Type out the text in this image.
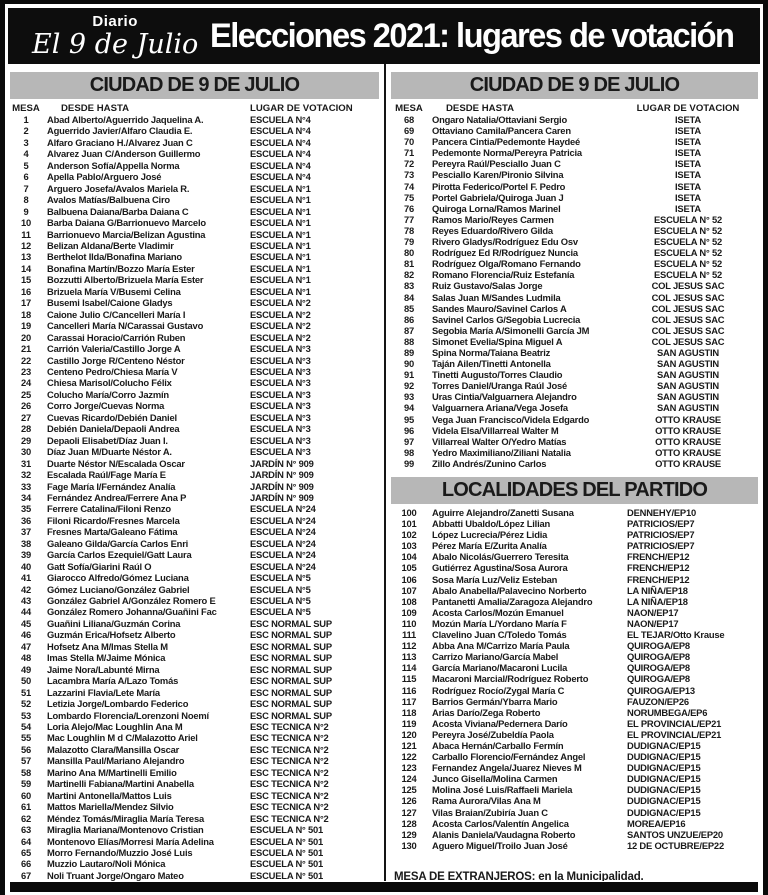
Diario
El 9 de Julio Elecciones 2021: lugares de votación
CIUDAD DE 9 DE JULIO
MESA	DESDE HASTA	LUGAR DE VOTACION
1	Abad Alberto/Aguerrido Jaquelina A.	ESCUELA N°4
2	Aguerrido Javier/Alfaro Claudia E.	ESCUELA N°4
3	Alfaro Graciano H./Alvarez Juan C	ESCUELA N°4
4	Alvarez Juan C/Anderson Guillermo	ESCUELA N°4
5	Anderson Sofía/Appella Norma	ESCUELA N°4
6	Apella Pablo/Arguero José	ESCUELA N°4
7	Arguero Josefa/Avalos Mariela R.	ESCUELA N°1
8	Avalos Matías/Balbuena Ciro	ESCUELA N°1
9	Balbuena Daiana/Barba Daiana C	ESCUELA N°1
10	Barba Daiana G/Barrionuevo Marcelo	ESCUELA N°1
11	Barrionuevo Marcia/Belizan Agustina	ESCUELA N°1
12	Belizan Aldana/Berte Vladimir	ESCUELA N°1
13	Berthelot Ilda/Bonafina Mariano	ESCUELA N°1
14	Bonafina Martín/Bozzo María Ester	ESCUELA N°1
15	Bozzutti Alberto/Brizuela María Ester	ESCUELA N°1
16	Brizuela María V/Busemi Celina	ESCUELA N°1
17	Busemi Isabel/Caione Gladys	ESCUELA N°2
18	Caione Julio C/Cancelleri María I	ESCUELA N°2
19	Cancelleri María N/Carassai Gustavo	ESCUELA N°2
20	Carassai Horacio/Carrión Ruben	ESCUELA N°2
21	Carrión Valeria/Castillo Jorge A	ESCUELA N°3
22	Castillo Jorge R/Centeno Néstor	ESCUELA N°3
23	Centeno Pedro/Chiesa María V	ESCUELA N°3
24	Chiesa Marisol/Colucho Félix	ESCUELA N°3
25	Colucho María/Corro Jazmín	ESCUELA N°3
26	Corro Jorge/Cuevas Norma	ESCUELA N°3
27	Cuevas Ricardo/Debién Daniel	ESCUELA N°3
28	Debién Daniela/Depaoli Andrea	ESCUELA N°3
29	Depaoli Elisabet/Díaz Juan I.	ESCUELA N°3
30	Díaz Juan M/Duarte Néstor A.	ESCUELA N°3
31	Duarte Néstor N/Escalada Oscar	JARDÍN N° 909
32	Escalada Raúl/Fage María E	JARDÍN N° 909
33	Fage María I/Fernández Analía	JARDÍN N° 909
34	Fernández Andrea/Ferrere Ana P	JARDÍN N° 909
35	Ferrere Catalina/Filoni Renzo	ESCUELA N°24
36	Filoni Ricardo/Fresnes Marcela	ESCUELA N°24
37	Fresnes Marta/Galeano Fátima	ESCUELA N°24
38	Galeano Gilda/García Carlos Enri	ESCUELA N°24
39	García Carlos Ezequiel/Gatt Laura	ESCUELA N°24
40	Gatt Sofía/Giarini Raúl O	ESCUELA N°24
41	Giarocco Alfredo/Gómez Luciana	ESCUELA N°5
42	Gómez Luciano/González Gabriel	ESCUELA N°5
43	González Gabriel A/González Romero E	ESCUELA N°5
44	González Romero Johanna/Guañini Fac	ESCUELA N°5
45	Guañini Liliana/Guzmán Corina	ESC NORMAL SUP
46	Guzmán Erica/Hofsetz Alberto	ESC NORMAL SUP
47	Hofsetz Ana M/Imas Stella M	ESC NORMAL SUP
48	Imas Stella M/Jaime Mónica	ESC NORMAL SUP
49	Jaime Nora/Labunté Mirna	ESC NORMAL SUP
50	Lacambra María A/Lazo Tomás	ESC NORMAL SUP
51	Lazzarini Flavia/Lete María	ESC NORMAL SUP
52	Letizia Jorge/Lombardo Federico	ESC NORMAL SUP
53	Lombardo Florencia/Lorenzoni Noemí	ESC NORMAL SUP
54	Loria Alejo/Mac Loughlin Ana M	ESC TECNICA N°2
55	Mac Loughlin M d C/Malazotto Ariel	ESC TECNICA N°2
56	Malazotto Clara/Mansilla Oscar	ESC TECNICA N°2
57	Mansilla Paul/Mariano Alejandro	ESC TECNICA N°2
58	Marino Ana M/Martinelli Emilio	ESC TECNICA N°2
59	Martinelli Fabiana/Martini Anabella	ESC TECNICA N°2
60	Martini Antonella/Mattos Luis	ESC TECNICA N°2
61	Mattos Mariella/Mendez Silvio	ESC TECNICA N°2
62	Méndez Tomás/Miraglia María Teresa	ESC TECNICA N°2
63	Miraglia Mariana/Montenovo Cristian	ESCUELA N° 501
64	Montenovo Elías/Morresi María Adelina	ESCUELA N° 501
65	Morro Fernando/Muzzio José Luis	ESCUELA N° 501
66	Muzzio Lautaro/Noli Mónica	ESCUELA N° 501
67	Noli Truant Jorge/Ongaro Mateo	ESCUELA N° 501
CIUDAD DE 9 DE JULIO
MESA	DESDE HASTA	LUGAR DE VOTACION
68	Ongaro Natalia/Ottaviani Sergio	ISETA
69	Ottaviano Camila/Pancera Caren	ISETA
70	Pancera Cintia/Pedemonte Haydeé	ISETA
71	Pedemonte Norma/Pereyra Patricia	ISETA
72	Pereyra Raúl/Pesciallo Juan C	ISETA
73	Pesciallo Karen/Pironio Silvina	ISETA
74	Pirotta Federico/Portel F. Pedro	ISETA
75	Portel Gabriela/Quiroga Juan J	ISETA
76	Quiroga Lorna/Ramos Marinel	ISETA
77	Ramos Mario/Reyes Carmen	ESCUELA N° 52
78	Reyes Eduardo/Rivero Gilda	ESCUELA N° 52
79	Rivero Gladys/Rodríguez Edu Osv	ESCUELA N° 52
80	Rodríguez Ed R/Rodríguez Nuncia	ESCUELA N° 52
81	Rodríguez Olga/Romano Fernando	ESCUELA N° 52
82	Romano Florencia/Ruiz Estefanía	ESCUELA N° 52
83	Ruiz Gustavo/Salas Jorge	COL JESUS SAC
84	Salas Juan M/Sandes Ludmila	COL JESUS SAC
85	Sandes Mauro/Savinel Carlos A	COL JESUS SAC
86	Savinel Carlos G/Segobia Lucrecia	COL JESUS SAC
87	Segobia María A/Simonelli García JM	COL JESUS SAC
88	Simonet Evelia/Spina Miguel A	COL JESUS SAC
89	Spina Norma/Taiana Beatriz	SAN AGUSTIN
90	Taján Ailen/Tinetti Antonella	SAN AGUSTIN
91	Tinetti Augusto/Torres Claudio	SAN AGUSTIN
92	Torres Daniel/Uranga Raúl José	SAN AGUSTIN
93	Uras Cintia/Valguarnera Alejandro	SAN AGUSTIN
94	Valguarnera Ariana/Vega Josefa	SAN AGUSTIN
95	Vega Juan Francisco/Videla Edgardo	OTTO KRAUSE
96	Videla Elsa/Villarreal Walter M	OTTO KRAUSE
97	Villarreal Walter O/Yedro Matías	OTTO KRAUSE
98	Yedro Maximiliano/Ziliani Natalia	OTTO KRAUSE
99	Zillo Andrés/Zunino Carlos	OTTO KRAUSE
LOCALIDADES DEL PARTIDO
100	Aguirre Alejandro/Zanetti Susana	DENNEHY/EP10
101	Abbatti Ubaldo/López Lilian	PATRICIOS/EP7
102	López Lucrecia/Pérez Lidia	PATRICIOS/EP7
103	Pérez María E/Zurita Analía	PATRICIOS/EP7
104	Abalo Nicolás/Guerrero Teresita	FRENCH/EP12
105	Gutiérrez Agustina/Sosa Aurora	FRENCH/EP12
106	Sosa María Luz/Veliz Esteban	FRENCH/EP12
107	Abalo Anabella/Palavecino Norberto	LA NIÑA/EP18
108	Pantanetti Amalia/Zaragoza Alejandro	LA NIÑA/EP18
109	Acosta Carlos/Mozún Emanuel	NAON/EP17
110	Mozún María L/Yordano María F	NAON/EP17
111	Clavelino Juan C/Toledo Tomás	EL TEJAR/Otto Krause
112	Abba Ana M/Carrizo María Paula	QUIROGA/EP8
113	Carrizo Mariano/García Mabel	QUIROGA/EP8
114	García Mariano/Macaroni Lucila	QUIROGA/EP8
115	Macaroni Marcial/Rodríguez Roberto	QUIROGA/EP8
116	Rodríguez Rocío/Zygal María C	QUIROGA/EP13
117	Barrios Germán/Ybarra Mario	FAUZON/EP26
118	Arias Darío/Zega Roberto	NORUMBEGA/EP6
119	Acosta Viviana/Pedernera Darío	EL PROVINCIAL/EP21
120	Pereyra José/Zubeldía Paola	EL PROVINCIAL/EP21
121	Abaca Hernán/Carballo Fermín	DUDIGNAC/EP15
122	Carballo Florencio/Fernández Angel	DUDIGNAC/EP15
123	Fernandez Angela/Juarez Nieves M	DUDIGNAC/EP15
124	Junco Gisella/Molina Carmen	DUDIGNAC/EP15
125	Molina José Luis/Raffaeli Mariela	DUDIGNAC/EP15
126	Rama Aurora/Vilas Ana M	DUDIGNAC/EP15
127	Vilas Braian/Zubiría Juan C	DUDIGNAC/EP15
128	Acosta Carlos/Valentín Angelica	MOREA/EP16
129	Alanis Daniela/Vaudagna Roberto	SANTOS UNZUE/EP20
130	Aguero Miguel/Troilo Juan José	12 DE OCTUBRE/EP22
MESA DE EXTRANJEROS: en la Municipalidad.
